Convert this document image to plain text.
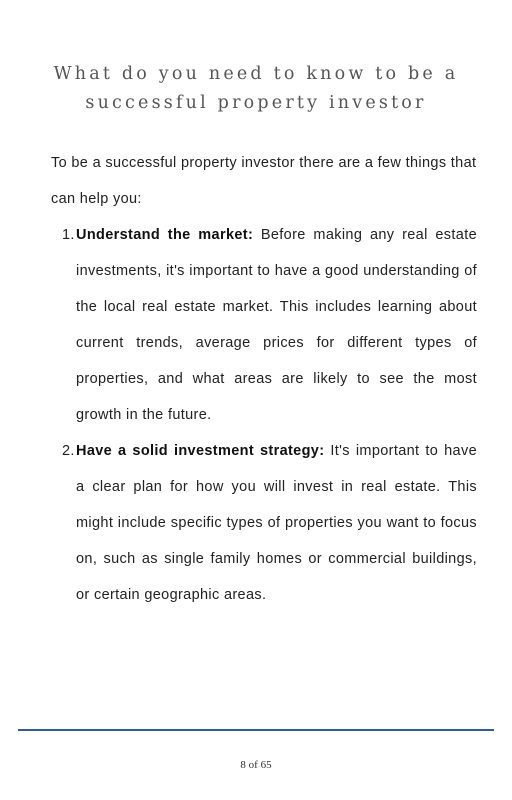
What do you need to know to be a
successful property investor

To be a successful property investor there are a few things that can help you:

1. Understand the market: Before making any real estate investments, it's important to have a good understanding of the local real estate market. This includes learning about current trends, average prices for different types of properties, and what areas are likely to see the most growth in the future.
2. Have a solid investment strategy: It's important to have a clear plan for how you will invest in real estate. This might include specific types of properties you want to focus on, such as single family homes or commercial buildings, or certain geographic areas.
8 of 65
